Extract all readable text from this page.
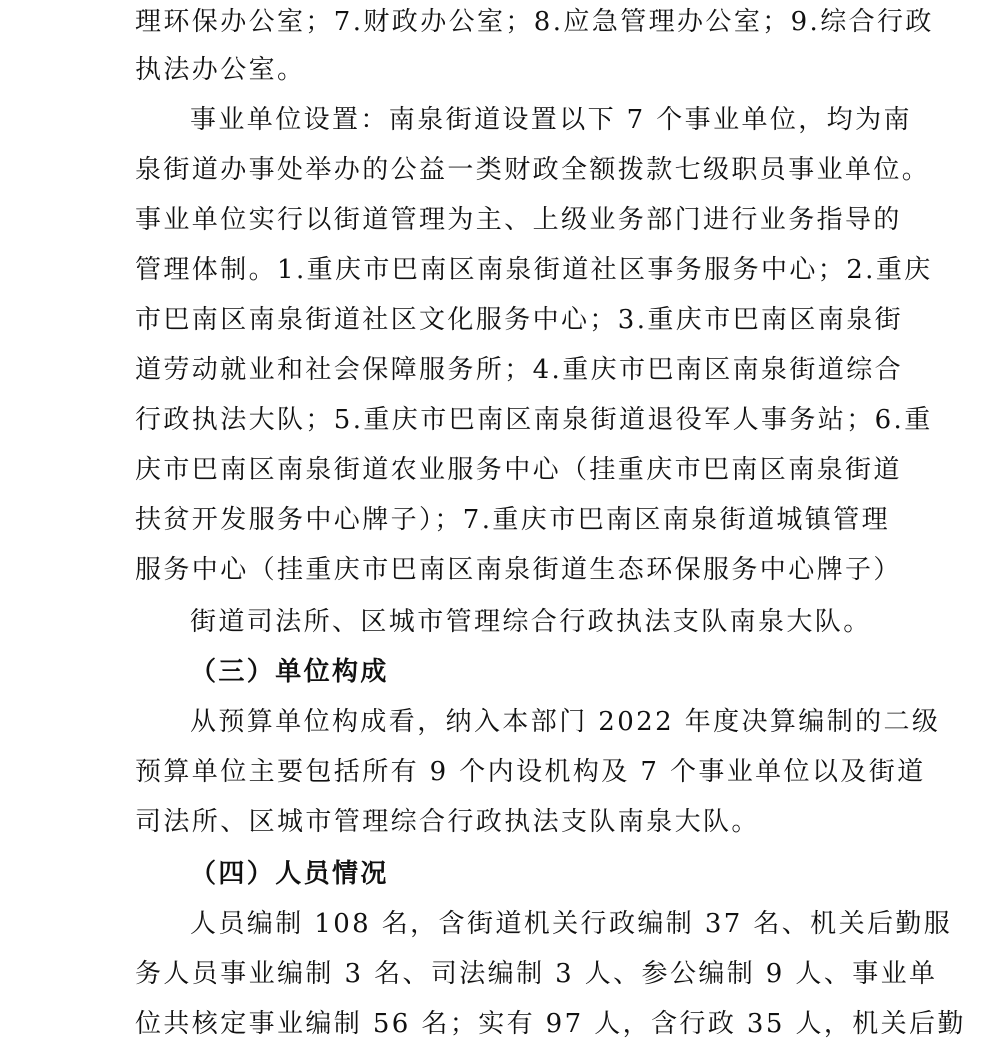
理环保办公室；7.财政办公室；8.应急管理办公室；9.综合行政
执法办公室。
事业单位设置：南泉街道设置以下 7 个事业单位，均为南
泉街道办事处举办的公益一类财政全额拨款七级职员事业单位。
事业单位实行以街道管理为主、上级业务部门进行业务指导的
管理体制。1.重庆市巴南区南泉街道社区事务服务中心；2.重庆
市巴南区南泉街道社区文化服务中心；3.重庆市巴南区南泉街
道劳动就业和社会保障服务所；4.重庆市巴南区南泉街道综合
行政执法大队；5.重庆市巴南区南泉街道退役军人事务站；6.重
庆市巴南区南泉街道农业服务中心（挂重庆市巴南区南泉街道
扶贫开发服务中心牌子）；7.重庆市巴南区南泉街道城镇管理
服务中心（挂重庆市巴南区南泉街道生态环保服务中心牌子）
街道司法所、区城市管理综合行政执法支队南泉大队。
（三）单位构成
从预算单位构成看，纳入本部门 2022 年度决算编制的二级
预算单位主要包括所有 9 个内设机构及 7 个事业单位以及街道
司法所、区城市管理综合行政执法支队南泉大队。
（四）人员情况
人员编制 108 名，含街道机关行政编制 37 名、机关后勤服
务人员事业编制 3 名、司法编制 3 人、参公编制 9 人、事业单
位共核定事业编制 56 名；实有 97 人，含行政 35 人，机关后勤
